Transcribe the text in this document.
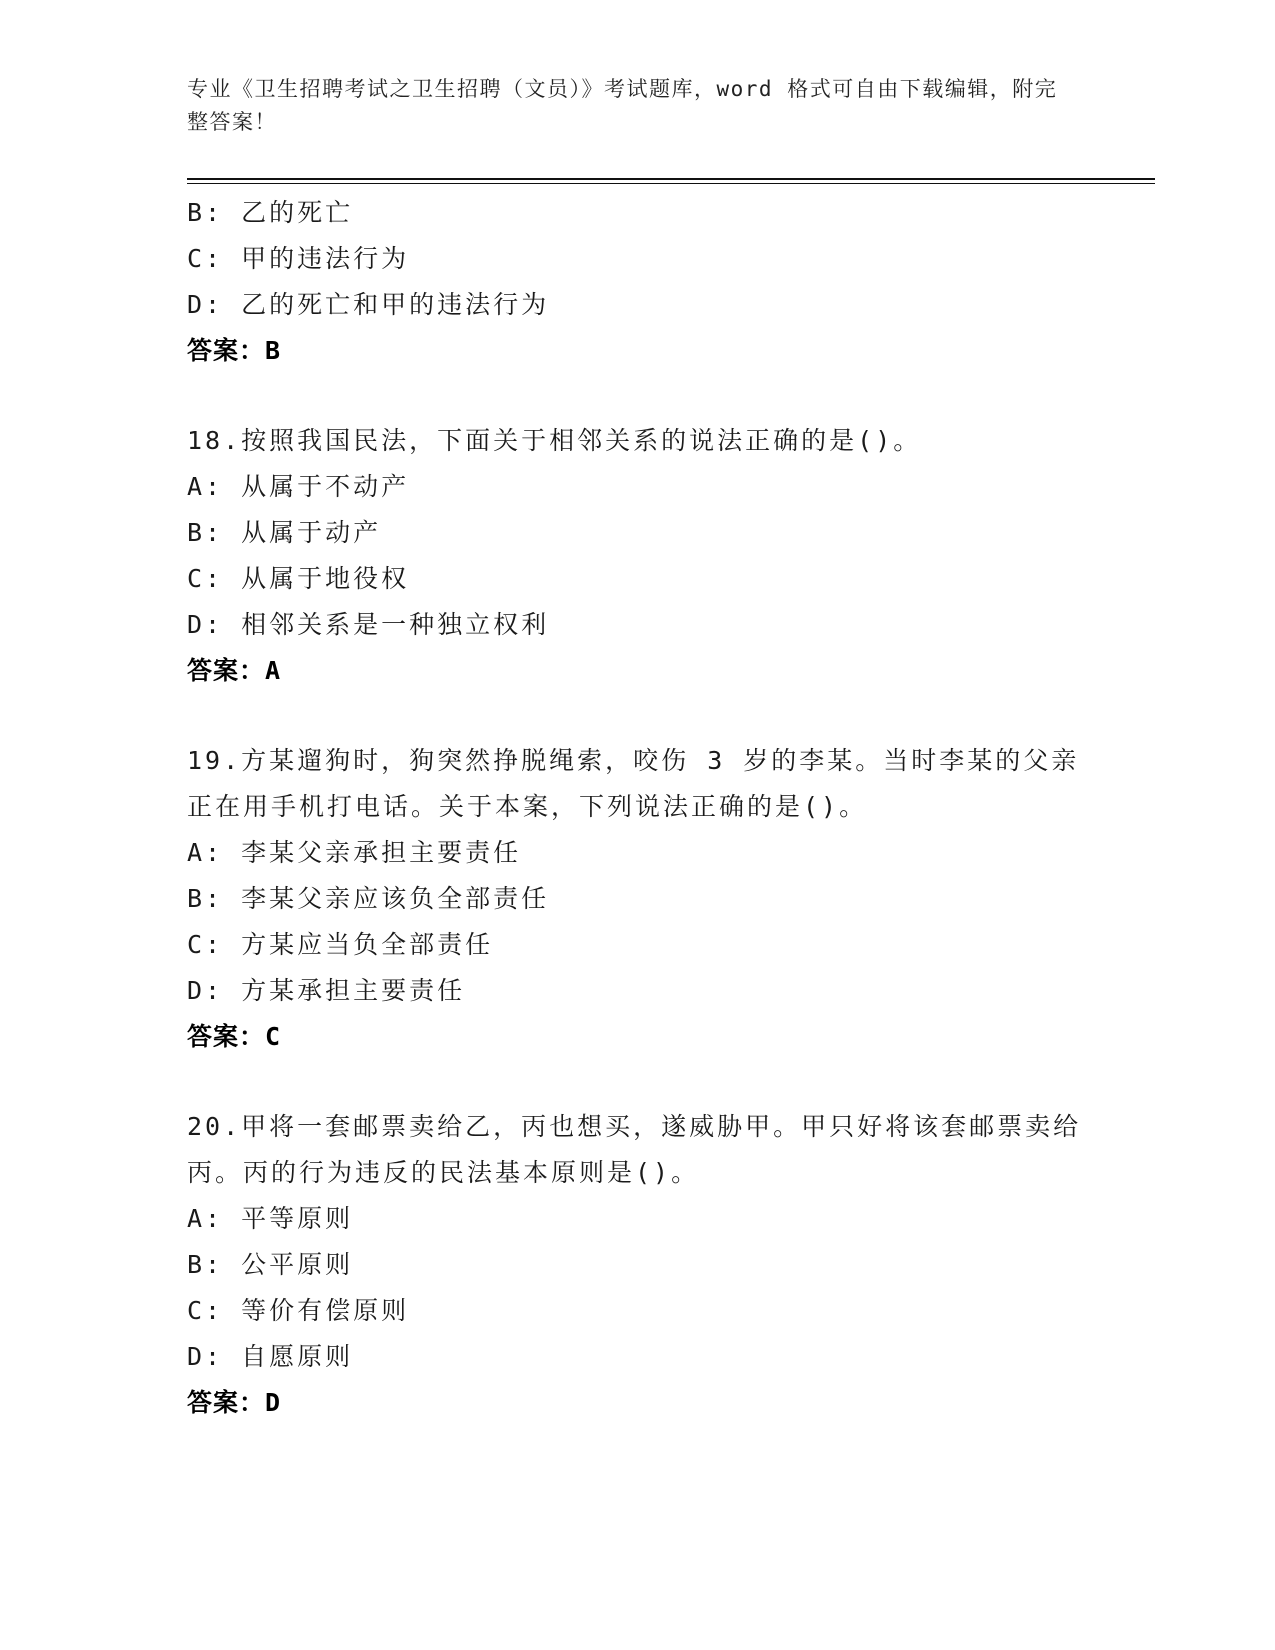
专业《卫生招聘考试之卫生招聘（文员）》考试题库，word 格式可自由下载编辑，附完整答案！
B: 乙的死亡
C: 甲的违法行为
D: 乙的死亡和甲的违法行为
答案：B
18.按照我国民法，下面关于相邻关系的说法正确的是()。
A: 从属于不动产
B: 从属于动产
C: 从属于地役权
D: 相邻关系是一种独立权利
答案：A
19.方某遛狗时，狗突然挣脱绳索，咬伤 3 岁的李某。当时李某的父亲正在用手机打电话。关于本案，下列说法正确的是()。
A: 李某父亲承担主要责任
B: 李某父亲应该负全部责任
C: 方某应当负全部责任
D: 方某承担主要责任
答案：C
20.甲将一套邮票卖给乙，丙也想买，遂威胁甲。甲只好将该套邮票卖给丙。丙的行为违反的民法基本原则是()。
A: 平等原则
B: 公平原则
C: 等价有偿原则
D: 自愿原则
答案：D
